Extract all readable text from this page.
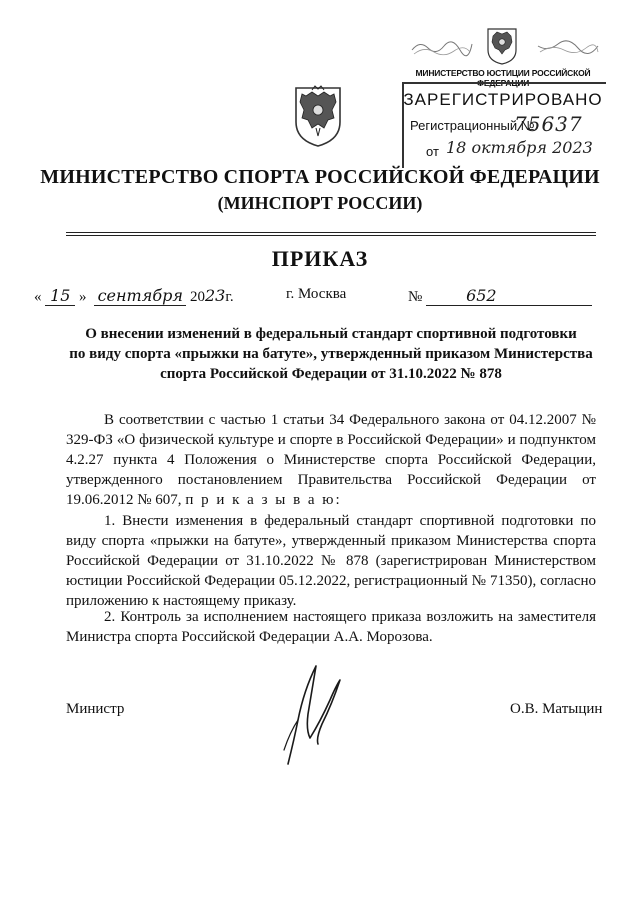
МИНИСТЕРСТВО ЮСТИЦИИ РОССИЙСКОЙ ФЕДЕРАЦИИ
ЗАРЕГИСТРИРОВАНО
Регистрационный №
75637
от 18 октября 2023
МИНИСТЕРСТВО СПОРТА РОССИЙСКОЙ ФЕДЕРАЦИИ
(МИНСПОРТ РОССИИ)
ПРИКАЗ
« 15 » сентября 2023г.	г. Москва	№	652
О внесении изменений в федеральный стандарт спортивной подготовки
по виду спорта «прыжки на батуте», утвержденный приказом Министерства
спорта Российской Федерации от 31.10.2022 № 878

В соответствии с частью 1 статьи 34 Федерального закона от 04.12.2007 № 329-ФЗ «О физической культуре и спорте в Российской Федерации» и подпунктом 4.2.27 пункта 4 Положения о Министерстве спорта Российской Федерации, утвержденного постановлением Правительства Российской Федерации от 19.06.2012 № 607, п р и к а з ы в а ю:

1. Внести изменения в федеральный стандарт спортивной подготовки по виду спорта «прыжки на батуте», утвержденный приказом Министерства спорта Российской Федерации от 31.10.2022 № 878 (зарегистрирован Министерством юстиции Российской Федерации 05.12.2022, регистрационный № 71350), согласно приложению к настоящему приказу.

2. Контроль за исполнением настоящего приказа возложить на заместителя Министра спорта Российской Федерации А.А. Морозова.

Министр	О.В. Матыцин
